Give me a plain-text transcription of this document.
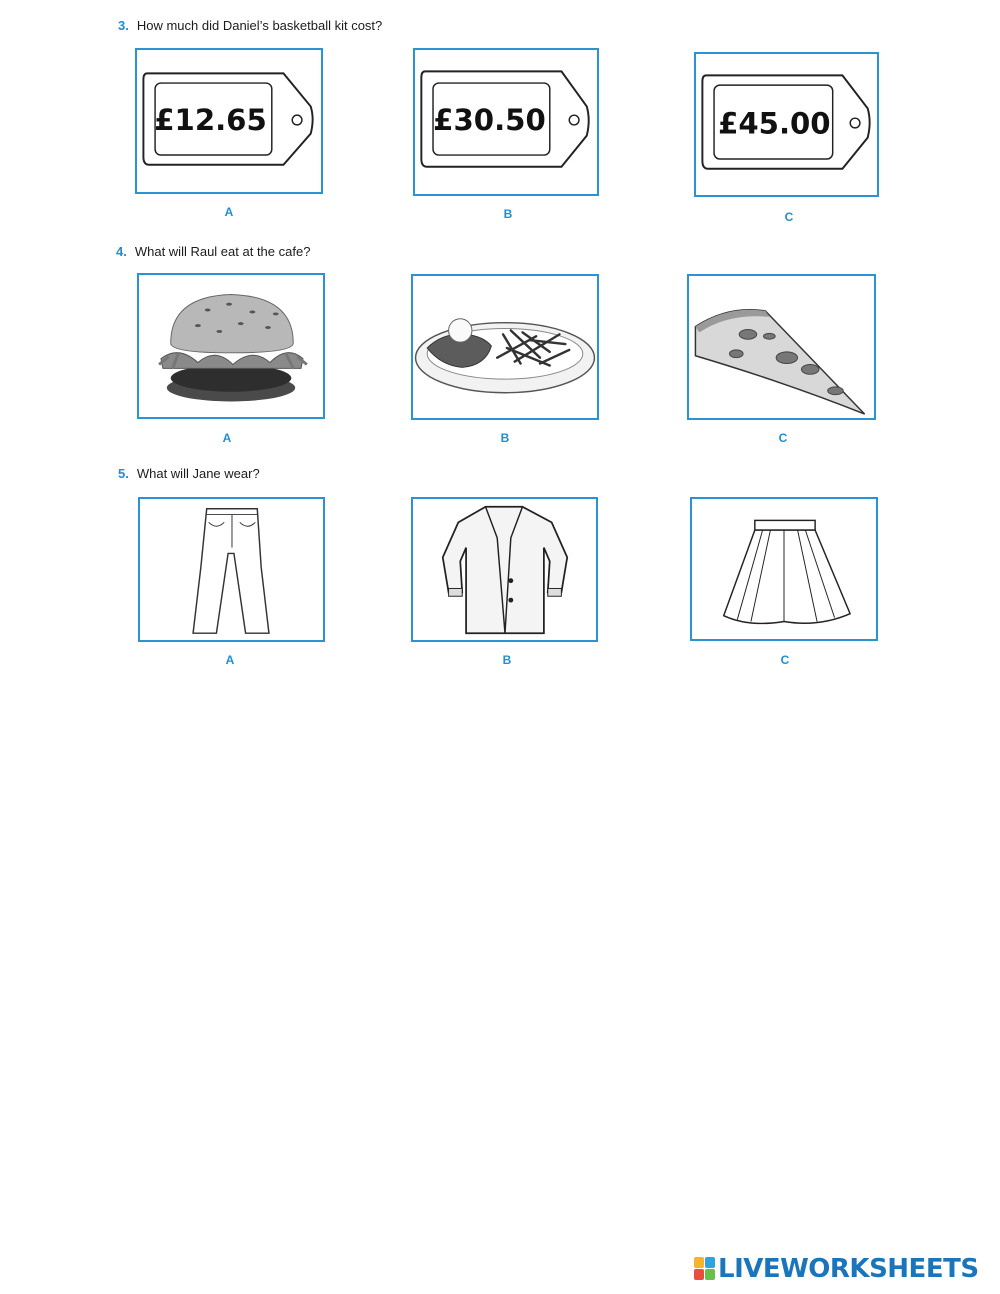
3. How much did Daniel’s basketball kit cost?
£12.65
A
£30.50
B
£45.00
C
4. What will Raul eat at the cafe?
A	B	C
5. What will Jane wear?
A	B	C
LIVEWORKSHEETS
